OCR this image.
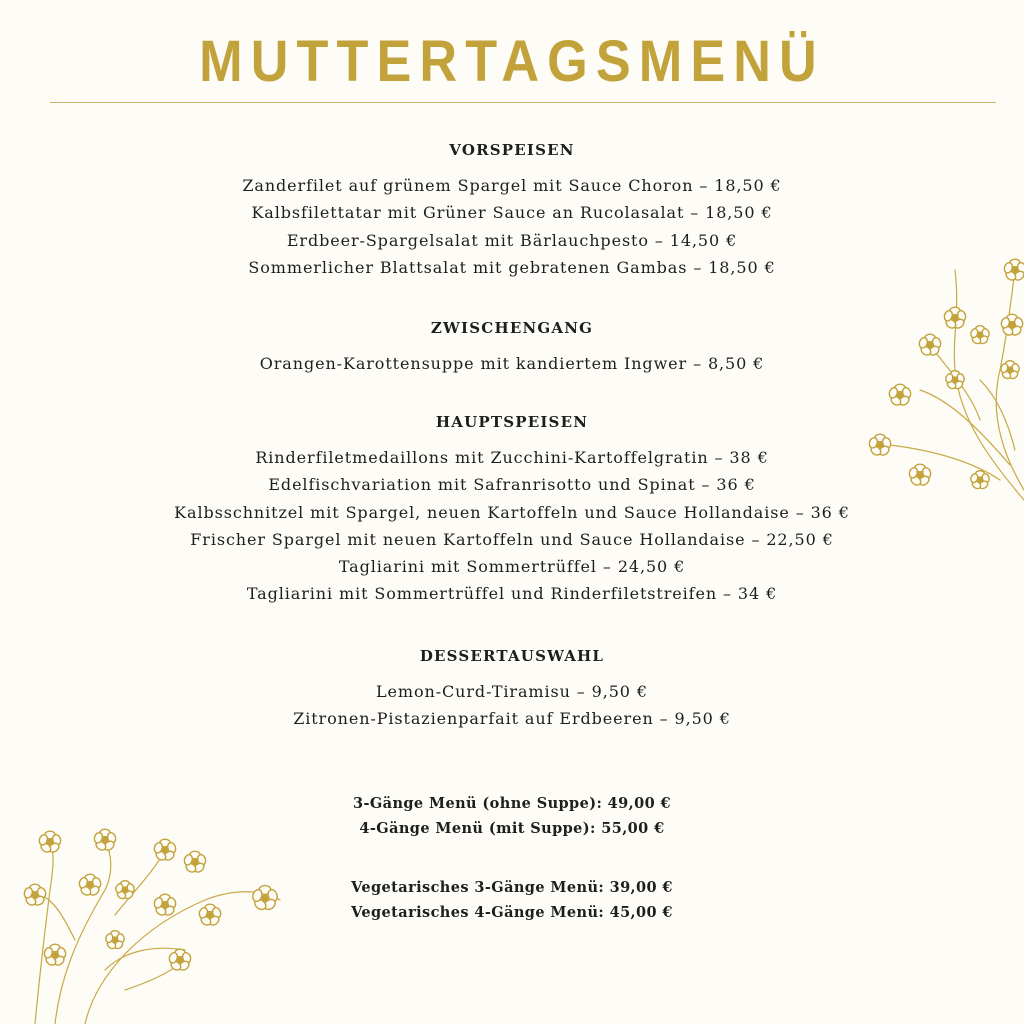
MUTTERTAGSMENÜ
VORSPEISEN
Zanderfilet auf grünem Spargel mit Sauce Choron – 18,50 €
Kalbsfilettatar mit Grüner Sauce an Rucolasalat – 18,50 €
Erdbeer-Spargelsalat mit Bärlauchpesto – 14,50 €
Sommerlicher Blattsalat mit gebratenen Gambas – 18,50 €
ZWISCHENGANG
Orangen-Karottensuppe mit kandiertem Ingwer – 8,50 €
HAUPTSPEISEN
Rinderfiletmedaillons mit Zucchini-Kartoffelgratin – 38 €
Edelfischvariation mit Safranrisotto und Spinat – 36 €
Kalbsschnitzel mit Spargel, neuen Kartoffeln und Sauce Hollandaise – 36 €
Frischer Spargel mit neuen Kartoffeln und Sauce Hollandaise – 22,50 €
Tagliarini mit Sommertrüffel – 24,50 €
Tagliarini mit Sommertrüffel und Rinderfiletstreifen – 34 €
DESSERTAUSWAHL
Lemon-Curd-Tiramisu – 9,50 €
Zitronen-Pistazienparfait auf Erdbeeren – 9,50 €
3-Gänge Menü (ohne Suppe): 49,00 €
4-Gänge Menü (mit Suppe): 55,00 €
Vegetarisches 3-Gänge Menü: 39,00 €
Vegetarisches 4-Gänge Menü: 45,00 €
